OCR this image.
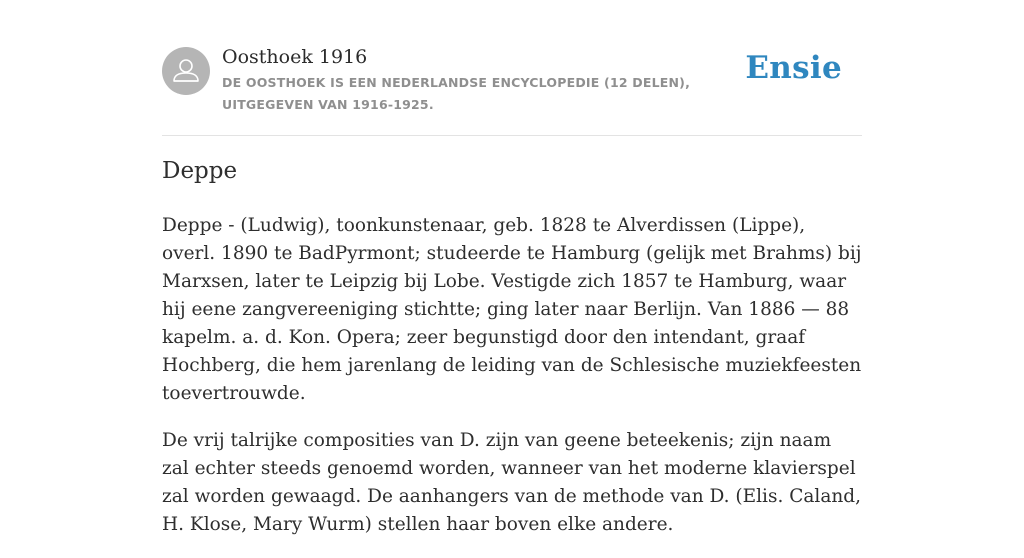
Oosthoek 1916
DE OOSTHOEK IS EEN NEDERLANDSE ENCYCLOPEDIE (12 DELEN), UITGEGEVEN VAN 1916-1925.
Ensie
Deppe

Deppe - (Ludwig), toonkunstenaar, geb. 1828 te Alverdissen (Lippe), overl. 1890 te BadPyrmont; studeerde te Hamburg (gelijk met Brahms) bij Marxsen, later te Leipzig bij Lobe. Vestigde zich 1857 te Hamburg, waar hij eene zangvereeniging stichtte; ging later naar Berlijn. Van 1886 — 88 kapelm. a. d. Kon. Opera; zeer begunstigd door den intendant, graaf Hochberg, die hem jarenlang de leiding van de Schlesische muziekfeesten toevertrouwde.

De vrij talrijke composities van D. zijn van geene beteekenis; zijn naam zal echter steeds genoemd worden, wanneer van het moderne klavierspel zal worden gewaagd. De aanhangers van de methode van D. (Elis. Caland, H. Klose, Mary Wurm) stellen haar boven elke andere.
